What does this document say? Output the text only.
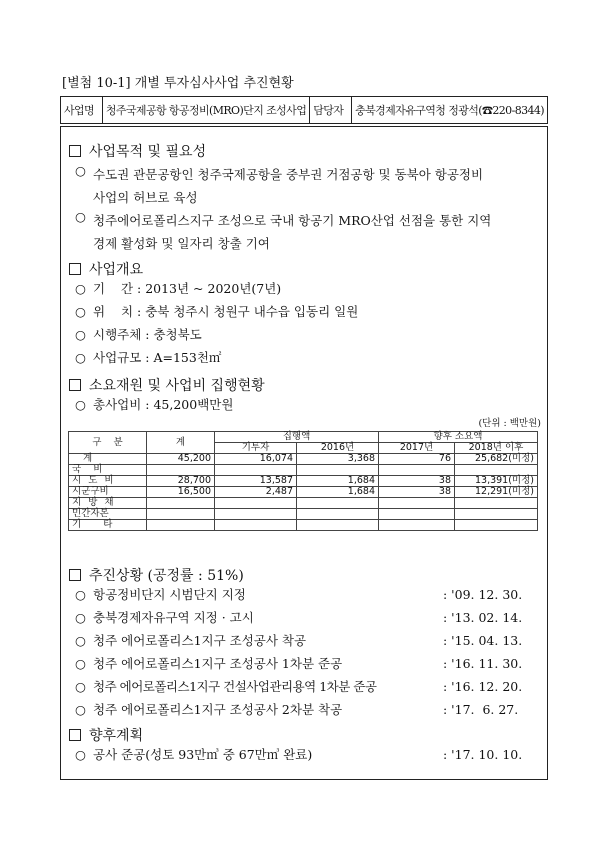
[별첨 10-1] 개별 투자심사사업 추진현황
사업명	청주국제공항 항공정비(MRO)단지 조성사업 담당자	충북경제자유구역청 정광석(☎220-8344)
사업목적 및 필요성
○ 수도권 관문공항인 청주국제공항을 중부권 거점공항 및 동북아 항공정비
사업의 허브로 육성
○ 청주에어로폴리스지구 조성으로 국내 항공기 MRO산업 선점을 통한 지역
경제 활성화 및 일자리 창출 기여
사업개요
○ 기    간 : 2013년 ~ 2020년(7년)
○ 위    치 : 충북 청주시 청원구 내수읍 입동리 일원
○ 시행주체 : 충청북도
○ 사업규모 : A=153천㎡
소요재원 및 사업비 집행현황
○ 총사업비 : 45,200백만원
(단위 : 백만원)
구    분	계	집행액		향후 소요액	
		기투자	2016년	2017년	2018년 이후
계	45,200	16,074	3,368	76	25,682(미정)
국  비					
시 도 비	28,700	13,587	1,684	38	13,391(미정)
시군구비	16,500	2,487	1,684	38	12,291(미정)
지 방 채					
민간자본					
기    타					
추진상황 (공정률 : 51%)
○ 항공정비단지 시범단지 지정	: '09. 12. 30.
○ 충북경제자유구역 지정 · 고시	: '13. 02. 14.
○ 청주 에어로폴리스1지구 조성공사 착공	: '15. 04. 13.
○ 청주 에어로폴리스1지구 조성공사 1차분 준공	: '16. 11. 30.
○ 청주 에어로폴리스1지구 건설사업관리용역 1차분 준공	: '16. 12. 20.
○ 청주 에어로폴리스1지구 조성공사 2차분 착공	: '17.  6. 27.
향후계획
○ 공사 준공(성토 93만㎥ 중 67만㎥ 완료)	: '17. 10. 10.
